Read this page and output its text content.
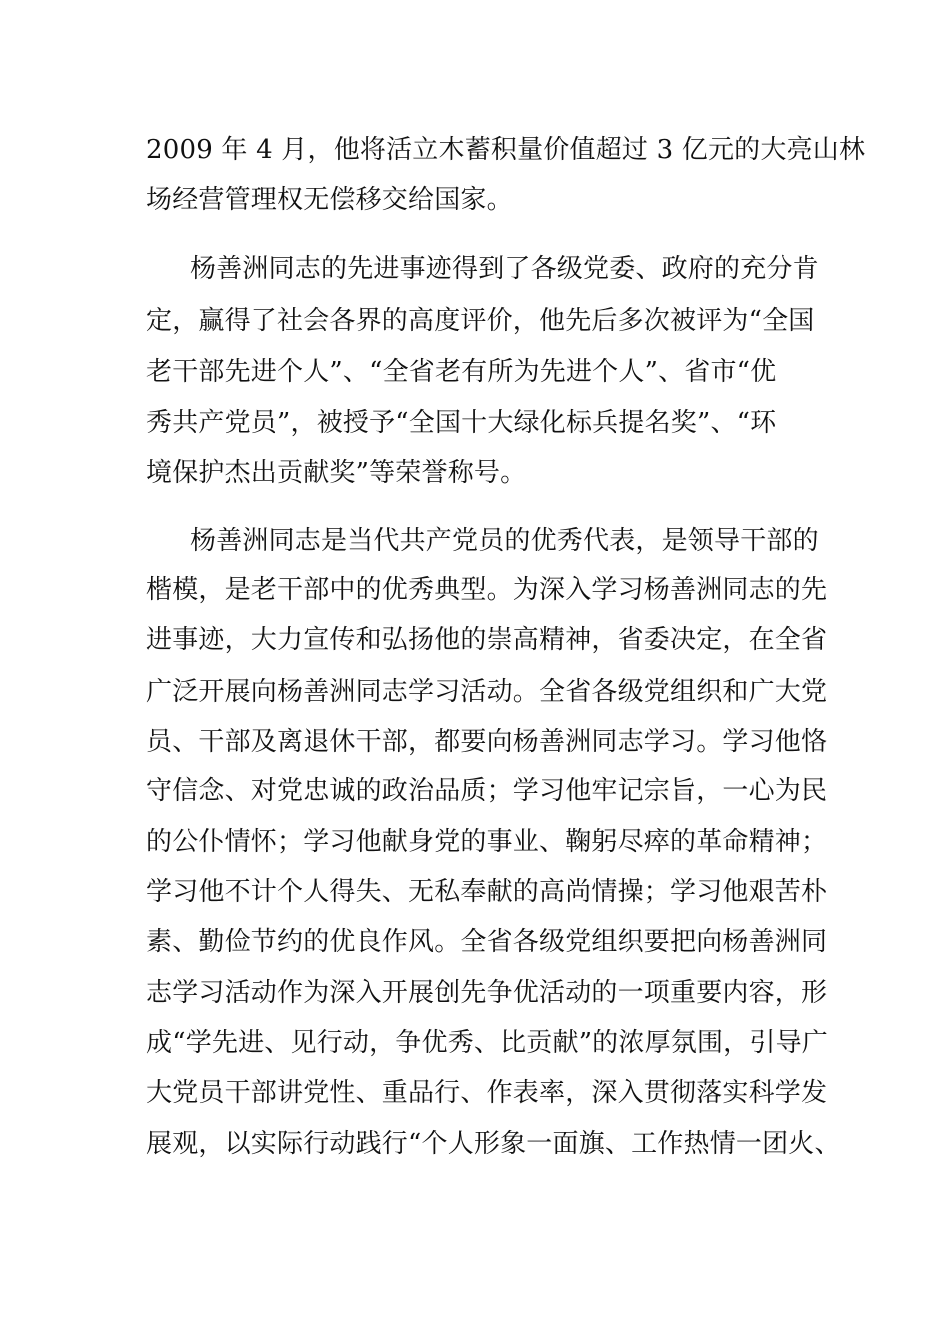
2009 年 4 月，他将活立木蓄积量价值超过 3 亿元的大亮山林
场经营管理权无偿移交给国家。
杨善洲同志的先进事迹得到了各级党委、政府的充分肯
定，赢得了社会各界的高度评价，他先后多次被评为“全国
老干部先进个人”、“全省老有所为先进个人”、省市“优
秀共产党员”，被授予“全国十大绿化标兵提名奖”、“环
境保护杰出贡献奖”等荣誉称号。
杨善洲同志是当代共产党员的优秀代表，是领导干部的
楷模，是老干部中的优秀典型。为深入学习杨善洲同志的先
进事迹，大力宣传和弘扬他的崇高精神，省委决定，在全省
广泛开展向杨善洲同志学习活动。全省各级党组织和广大党
员、干部及离退休干部，都要向杨善洲同志学习。学习他恪
守信念、对党忠诚的政治品质；学习他牢记宗旨，一心为民
的公仆情怀；学习他献身党的事业、鞠躬尽瘁的革命精神；
学习他不计个人得失、无私奉献的高尚情操；学习他艰苦朴
素、勤俭节约的优良作风。全省各级党组织要把向杨善洲同
志学习活动作为深入开展创先争优活动的一项重要内容，形
成“学先进、见行动，争优秀、比贡献”的浓厚氛围，引导广
大党员干部讲党性、重品行、作表率，深入贯彻落实科学发
展观，以实际行动践行“个人形象一面旗、工作热情一团火、
